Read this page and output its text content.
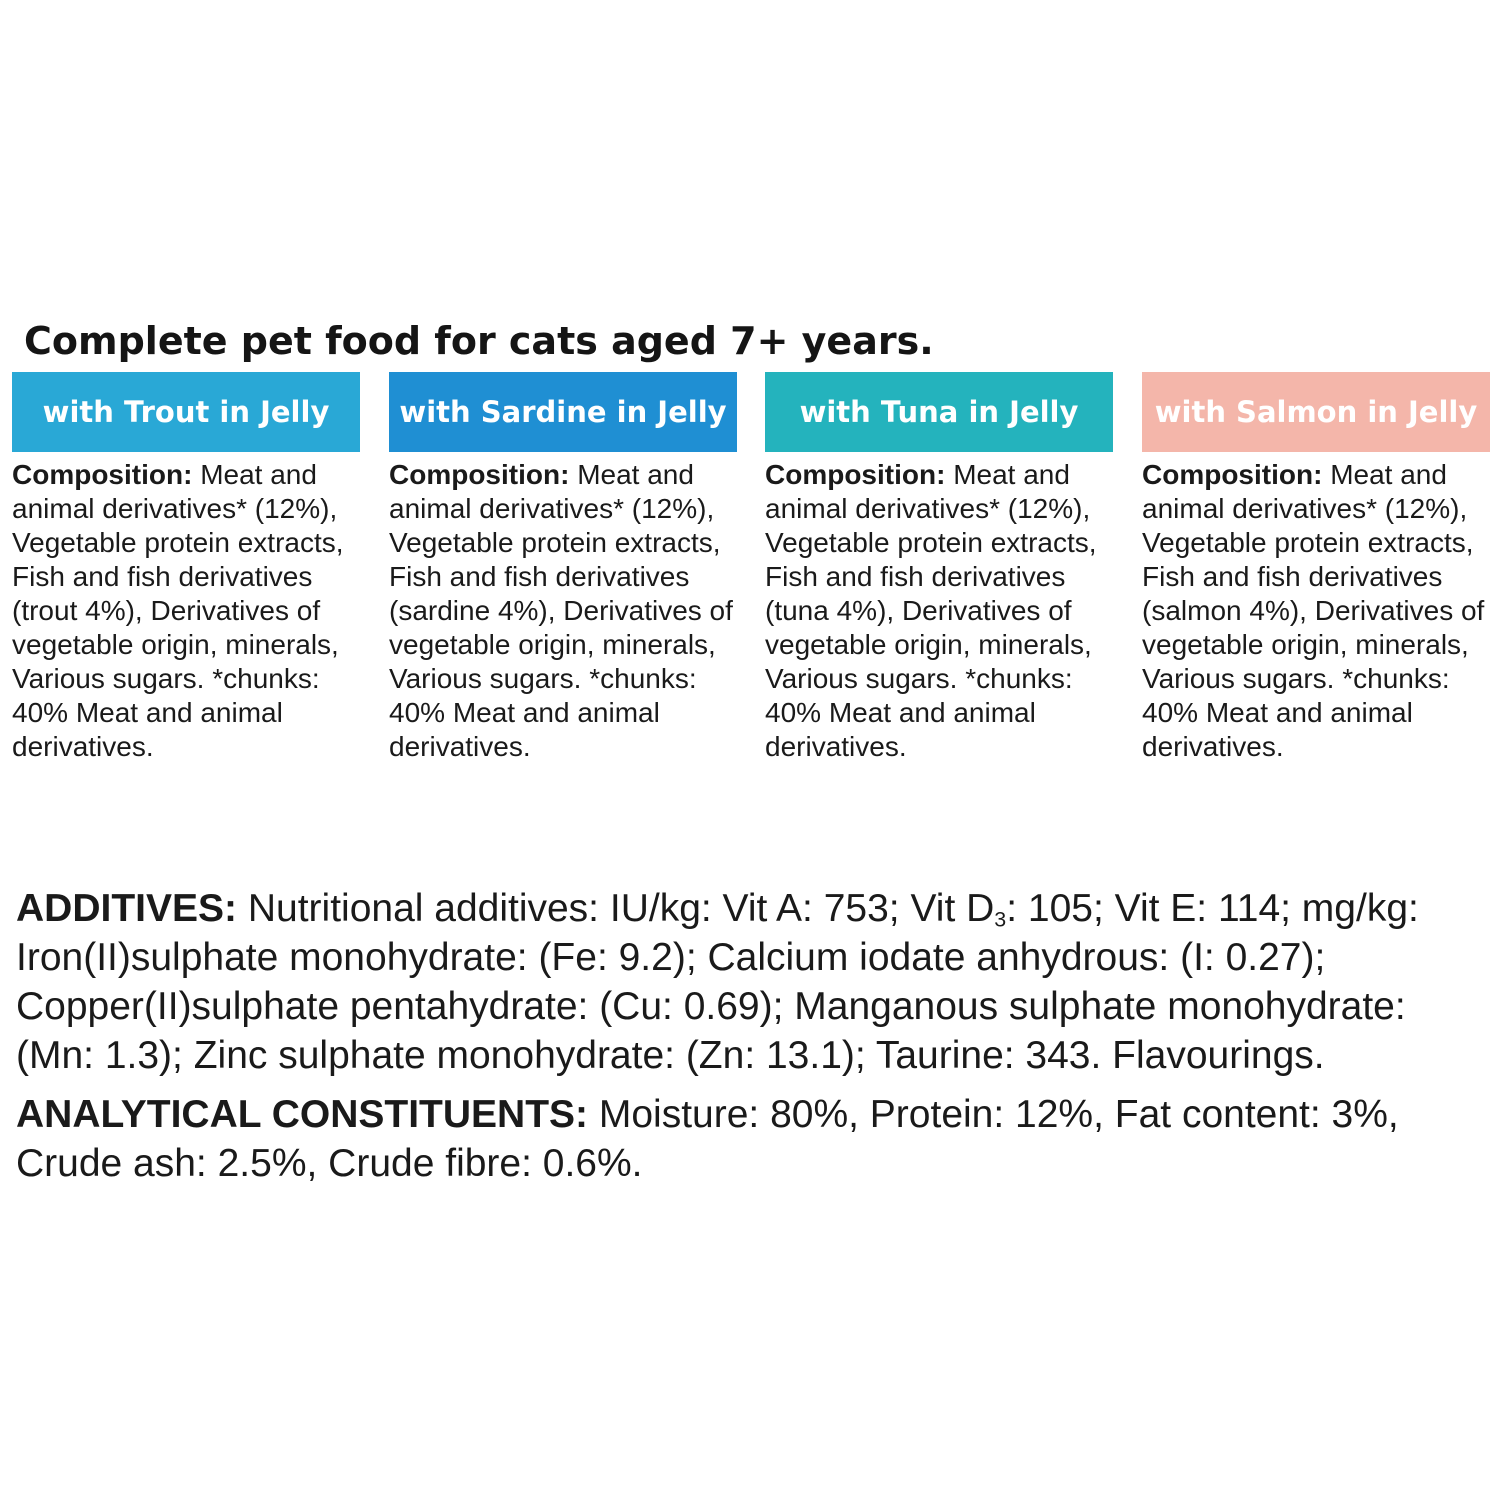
Complete pet food for cats aged 7+ years.
with Trout in Jelly
Composition: Meat and animal derivatives* (12%), Vegetable protein extracts, Fish and fish derivatives (trout 4%), Derivatives of vegetable origin, minerals, Various sugars. *chunks: 40% Meat and animal derivatives.
with Sardine in Jelly
Composition: Meat and animal derivatives* (12%), Vegetable protein extracts, Fish and fish derivatives (sardine 4%), Derivatives of vegetable origin, minerals, Various sugars. *chunks: 40% Meat and animal derivatives.
with Tuna in Jelly
Composition: Meat and animal derivatives* (12%), Vegetable protein extracts, Fish and fish derivatives (tuna 4%), Derivatives of vegetable origin, minerals, Various sugars. *chunks: 40% Meat and animal derivatives.
with Salmon in Jelly
Composition: Meat and animal derivatives* (12%), Vegetable protein extracts, Fish and fish derivatives (salmon 4%), Derivatives of vegetable origin, minerals, Various sugars. *chunks: 40% Meat and animal derivatives.

ADDITIVES: Nutritional additives: IU/kg: Vit A: 753; Vit $D_3$: 105; Vit E: 114; mg/kg: Iron(II)sulphate monohydrate: (Fe: 9.2); Calcium iodate anhydrous: (I: 0.27); Copper(II)sulphate pentahydrate: (Cu: 0.69); Manganous sulphate monohydrate: (Mn: 1.3); Zinc sulphate monohydrate: (Zn: 13.1); Taurine: 343. Flavourings.

ANALYTICAL CONSTITUENTS: Moisture: 80%, Protein: 12%, Fat content: 3%, Crude ash: 2.5%, Crude fibre: 0.6%.
